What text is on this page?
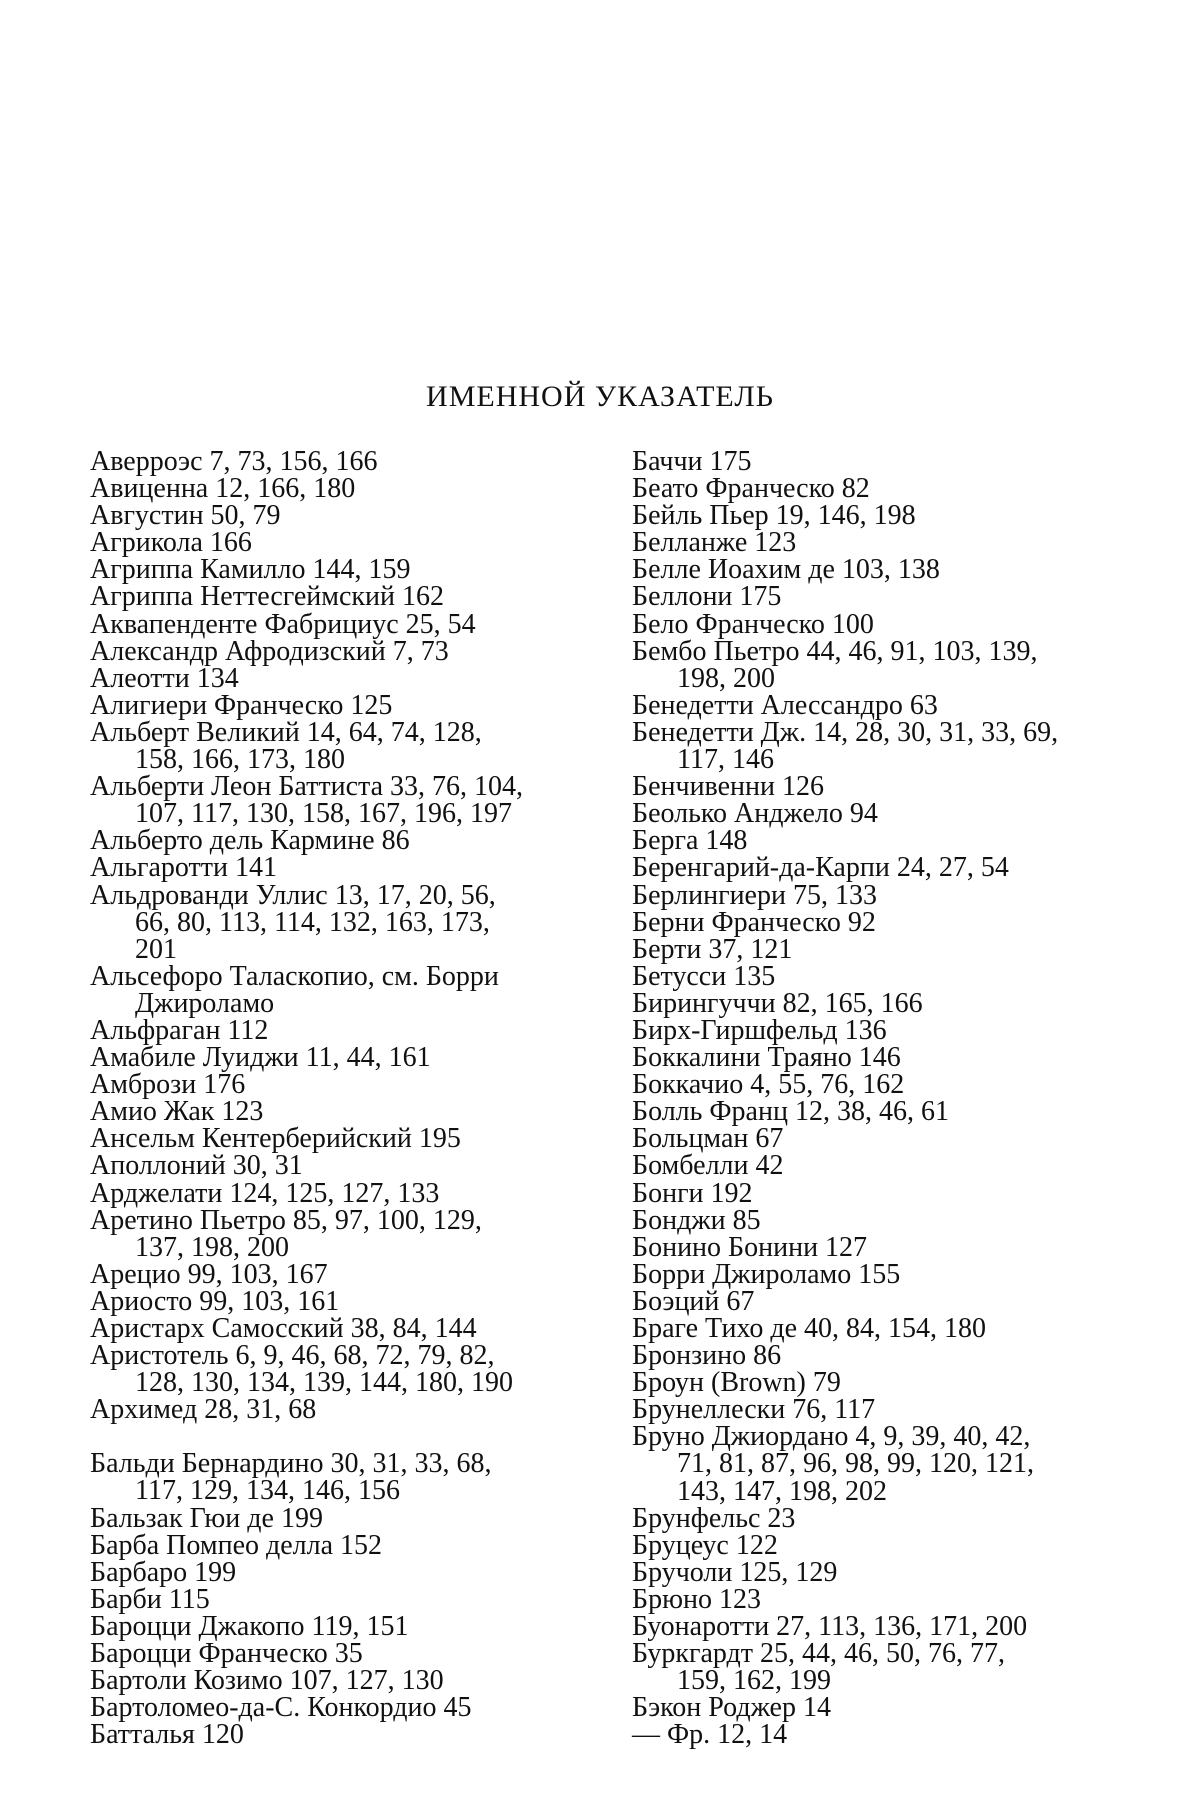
ИМЕННОЙ УКАЗАТЕЛЬ
Аверроэс 7, 73, 156, 166
Авиценна 12, 166, 180
Августин 50, 79
Агрикола 166
Агриппа Камилло 144, 159
Агриппа Неттесгеймский 162
Аквапенденте Фабрициус 25, 54
Александр Афродизский 7, 73
Алеотти 134
Алигиери Франческо 125
Альберт Великий 14, 64, 74, 128,
158, 166, 173, 180
Альберти Леон Баттиста 33, 76, 104,
107, 117, 130, 158, 167, 196, 197
Альберто дель Кармине 86
Альгаротти 141
Альдрованди Уллис 13, 17, 20, 56,
66, 80, 113, 114, 132, 163, 173,
201
Альсефоро Таласкопио, см. Борри
Джироламо
Альфраган 112
Амабиле Луиджи 11, 44, 161
Амбрози 176
Амио Жак 123
Ансельм Кентерберийский 195
Аполлоний 30, 31
Арджелати 124, 125, 127, 133
Аретино Пьетро 85, 97, 100, 129,
137, 198, 200
Арецио 99, 103, 167
Ариосто 99, 103, 161
Аристарх Самосский 38, 84, 144
Аристотель 6, 9, 46, 68, 72, 79, 82,
128, 130, 134, 139, 144, 180, 190
Архимед 28, 31, 68
Бальди Бернардино 30, 31, 33, 68,
117, 129, 134, 146, 156
Бальзак Гюи де 199
Барба Помпео делла 152
Барбаро 199
Барби 115
Бароцци Джакопо 119, 151
Бароцци Франческо 35
Бартоли Козимо 107, 127, 130
Бартоломео-да-С. Конкордио 45
Батталья 120
Баччи 175
Беато Франческо 82
Бейль Пьер 19, 146, 198
Белланже 123
Белле Иоахим де 103, 138
Беллони 175
Бело Франческо 100
Бембо Пьетро 44, 46, 91, 103, 139,
198, 200
Бенедетти Алессандро 63
Бенедетти Дж. 14, 28, 30, 31, 33, 69,
117, 146
Бенчивенни 126
Беолько Анджело 94
Берга 148
Беренгарий-да-Карпи 24, 27, 54
Берлингиери 75, 133
Берни Франческо 92
Берти 37, 121
Бетусси 135
Бирингуччи 82, 165, 166
Бирх-Гиршфельд 136
Боккалини Траяно 146
Боккачио 4, 55, 76, 162
Болль Франц 12, 38, 46, 61
Больцман 67
Бомбелли 42
Бонги 192
Бонджи 85
Бонино Бонини 127
Борри Джироламо 155
Боэций 67
Браге Тихо де 40, 84, 154, 180
Бронзино 86
Броун (Brown) 79
Брунеллески 76, 117
Бруно Джиордано 4, 9, 39, 40, 42,
71, 81, 87, 96, 98, 99, 120, 121,
143, 147, 198, 202
Брунфельс 23
Бруцеус 122
Бручоли 125, 129
Брюно 123
Буонаротти 27, 113, 136, 171, 200
Буркгардт 25, 44, 46, 50, 76, 77,
159, 162, 199
Бэкон Роджер 14
— Фр. 12, 14
